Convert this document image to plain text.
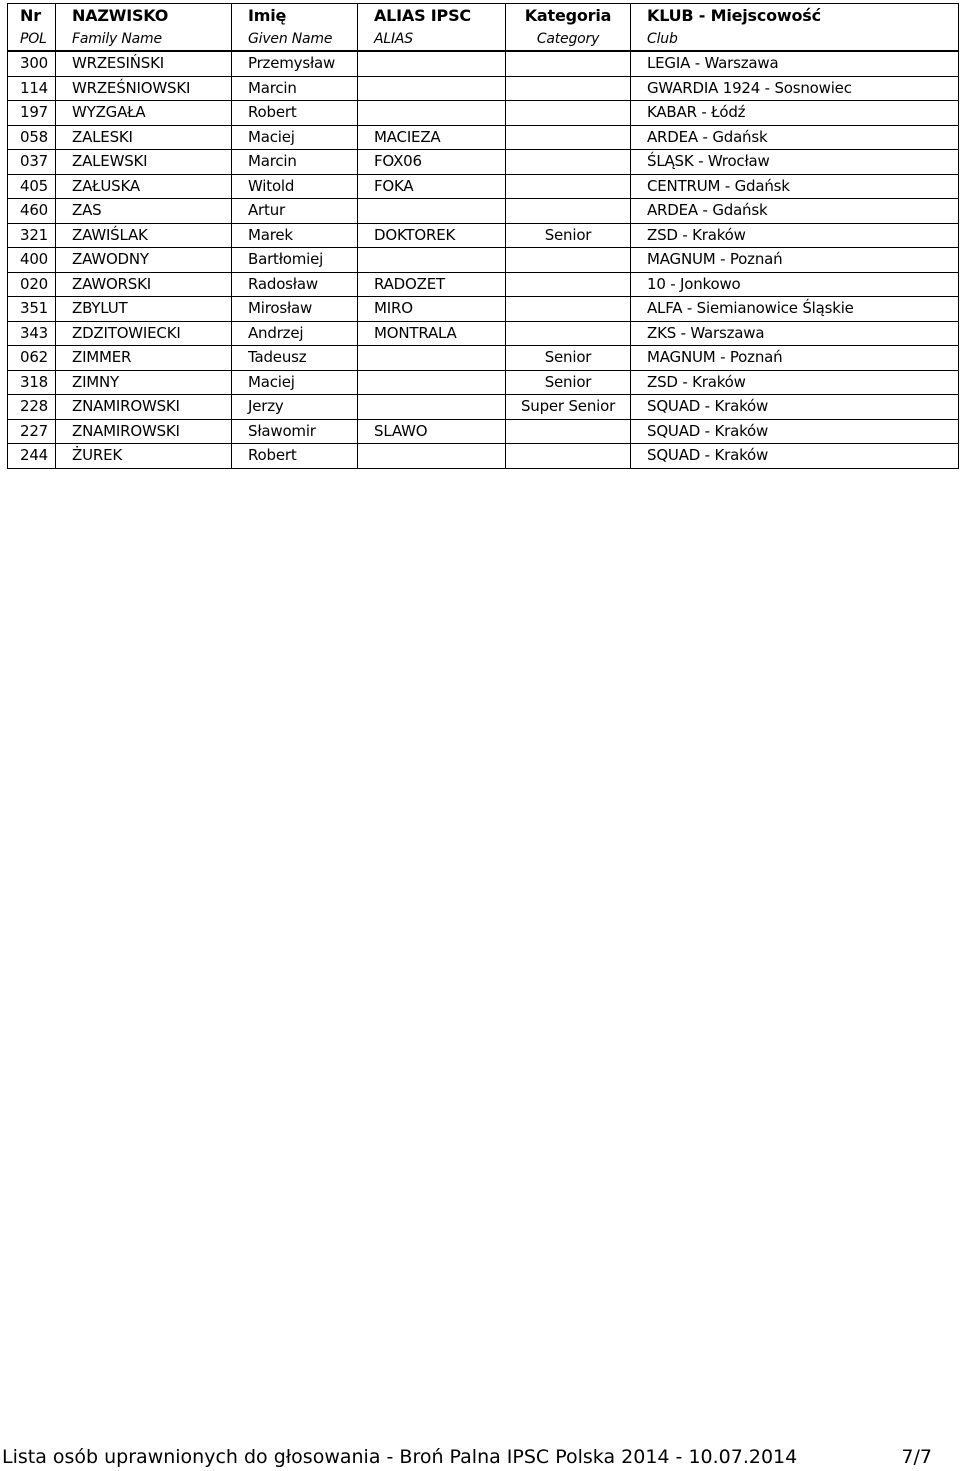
Nr	NAZWISKO	Imię	ALIAS IPSC	Kategoria	KLUB - Miejscowość
POL	Family Name	Given Name	ALIAS	Category	Club
300	WRZESIŃSKI	Przemysław			LEGIA - Warszawa
114	WRZEŚNIOWSKI	Marcin			GWARDIA 1924 - Sosnowiec
197	WYZGAŁA	Robert			KABAR - Łódź
058	ZALESKI	Maciej	MACIEZA		ARDEA - Gdańsk
037	ZALEWSKI	Marcin	FOX06		ŚLĄSK - Wrocław
405	ZAŁUSKA	Witold	FOKA		CENTRUM - Gdańsk
460	ZAS	Artur			ARDEA - Gdańsk
321	ZAWIŚLAK	Marek	DOKTOREK	Senior	ZSD - Kraków
400	ZAWODNY	Bartłomiej			MAGNUM - Poznań
020	ZAWORSKI	Radosław	RADOZET		10 - Jonkowo
351	ZBYLUT	Mirosław	MIRO		ALFA - Siemianowice Śląskie
343	ZDZITOWIECKI	Andrzej	MONTRALA		ZKS - Warszawa
062	ZIMMER	Tadeusz		Senior	MAGNUM - Poznań
318	ZIMNY	Maciej		Senior	ZSD - Kraków
228	ZNAMIROWSKI	Jerzy		Super Senior	SQUAD - Kraków
227	ZNAMIROWSKI	Sławomir	SLAWO		SQUAD - Kraków
244	ŻUREK	Robert			SQUAD - Kraków
Lista osób uprawnionych do głosowania - Broń Palna IPSC Polska 2014 - 10.07.2014	7/7
